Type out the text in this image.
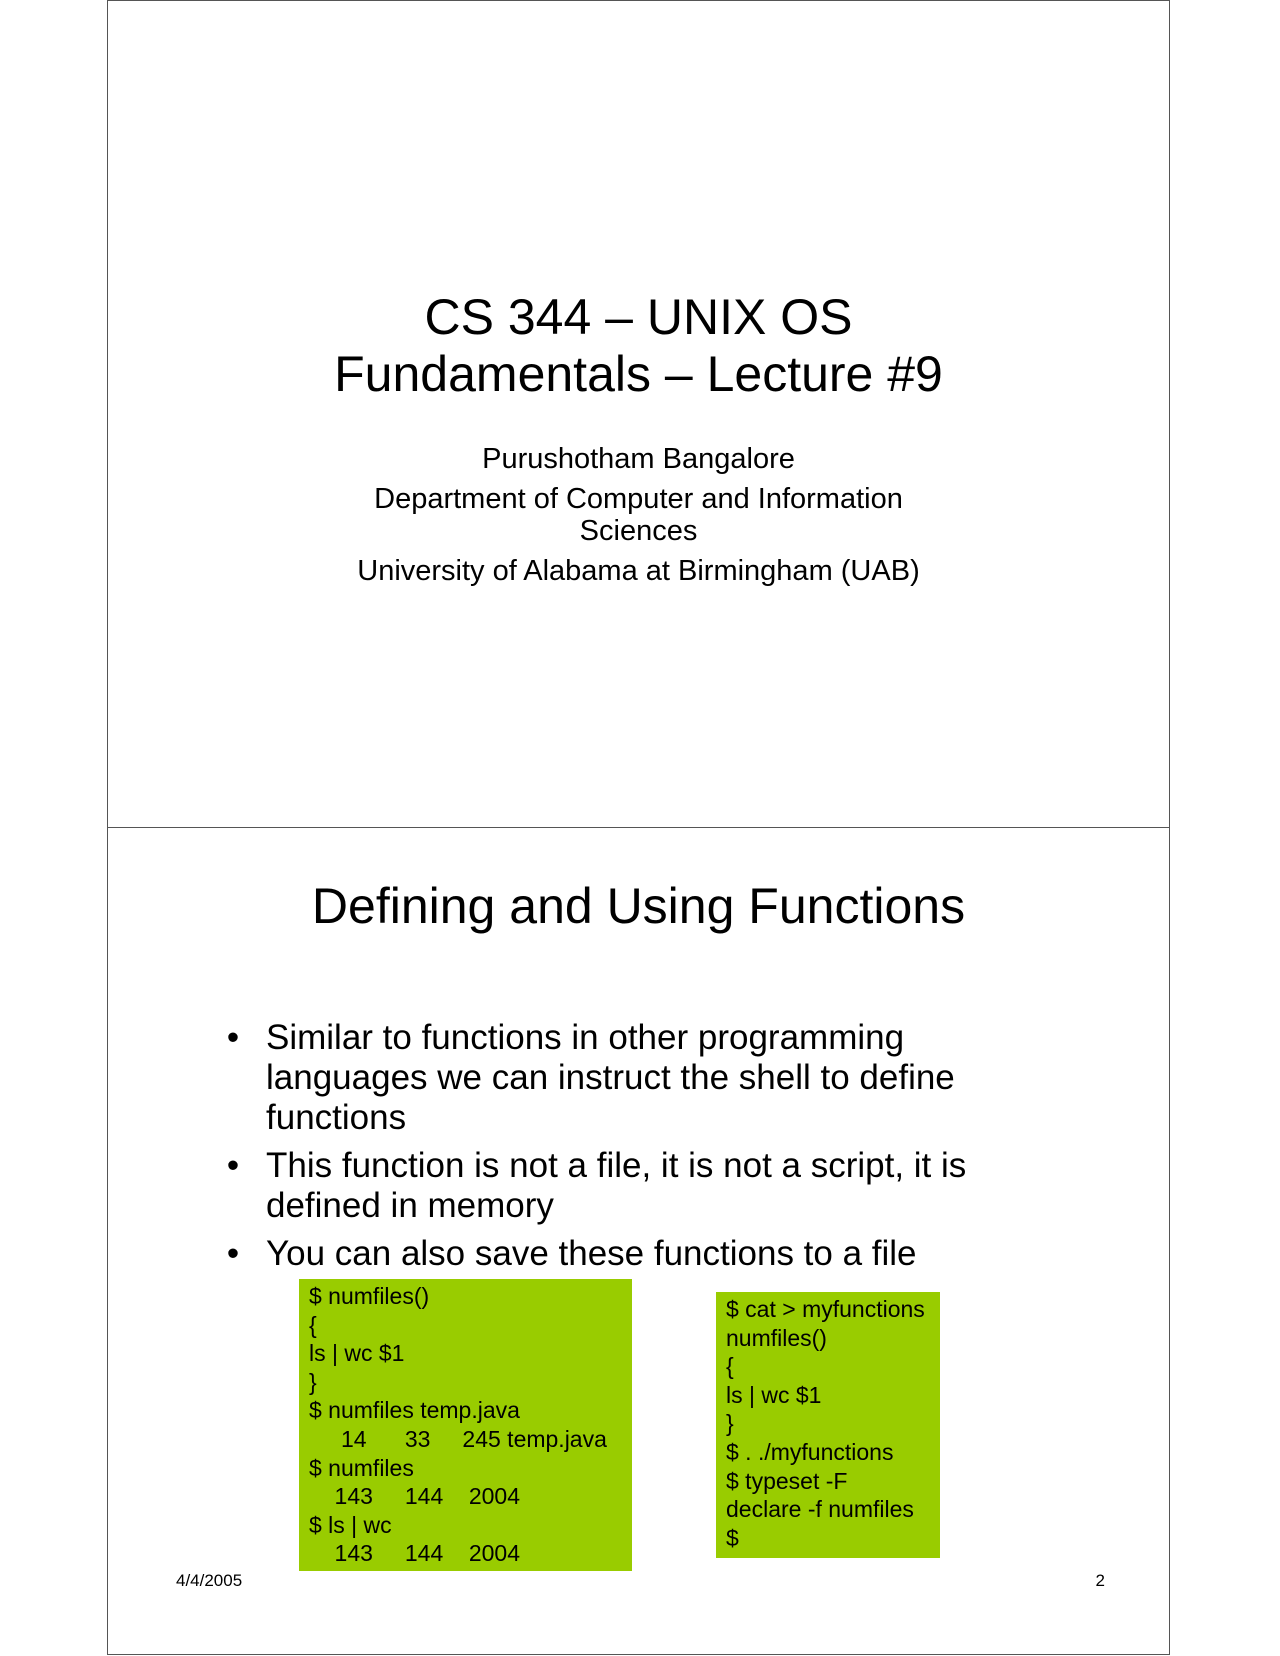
CS 344 – UNIX OS
Fundamentals – Lecture #9
Purushotham Bangalore
Department of Computer and Information
Sciences
University of Alabama at Birmingham (UAB)
Defining and Using Functions
• Similar to functions in other programming languages we can instruct the shell to define functions
• This function is not a file, it is not a script, it is defined in memory
• You can also save these functions to a file
$ numfiles()
{
ls | wc $1
}
$ numfiles temp.java
14      33     245 temp.java
$ numfiles
143     144    2004
$ ls | wc
143     144    2004
$ cat > myfunctions
numfiles()
{
ls | wc $1
}
$ . ./myfunctions
$ typeset -F
declare -f numfiles
$
4/4/2005	2
